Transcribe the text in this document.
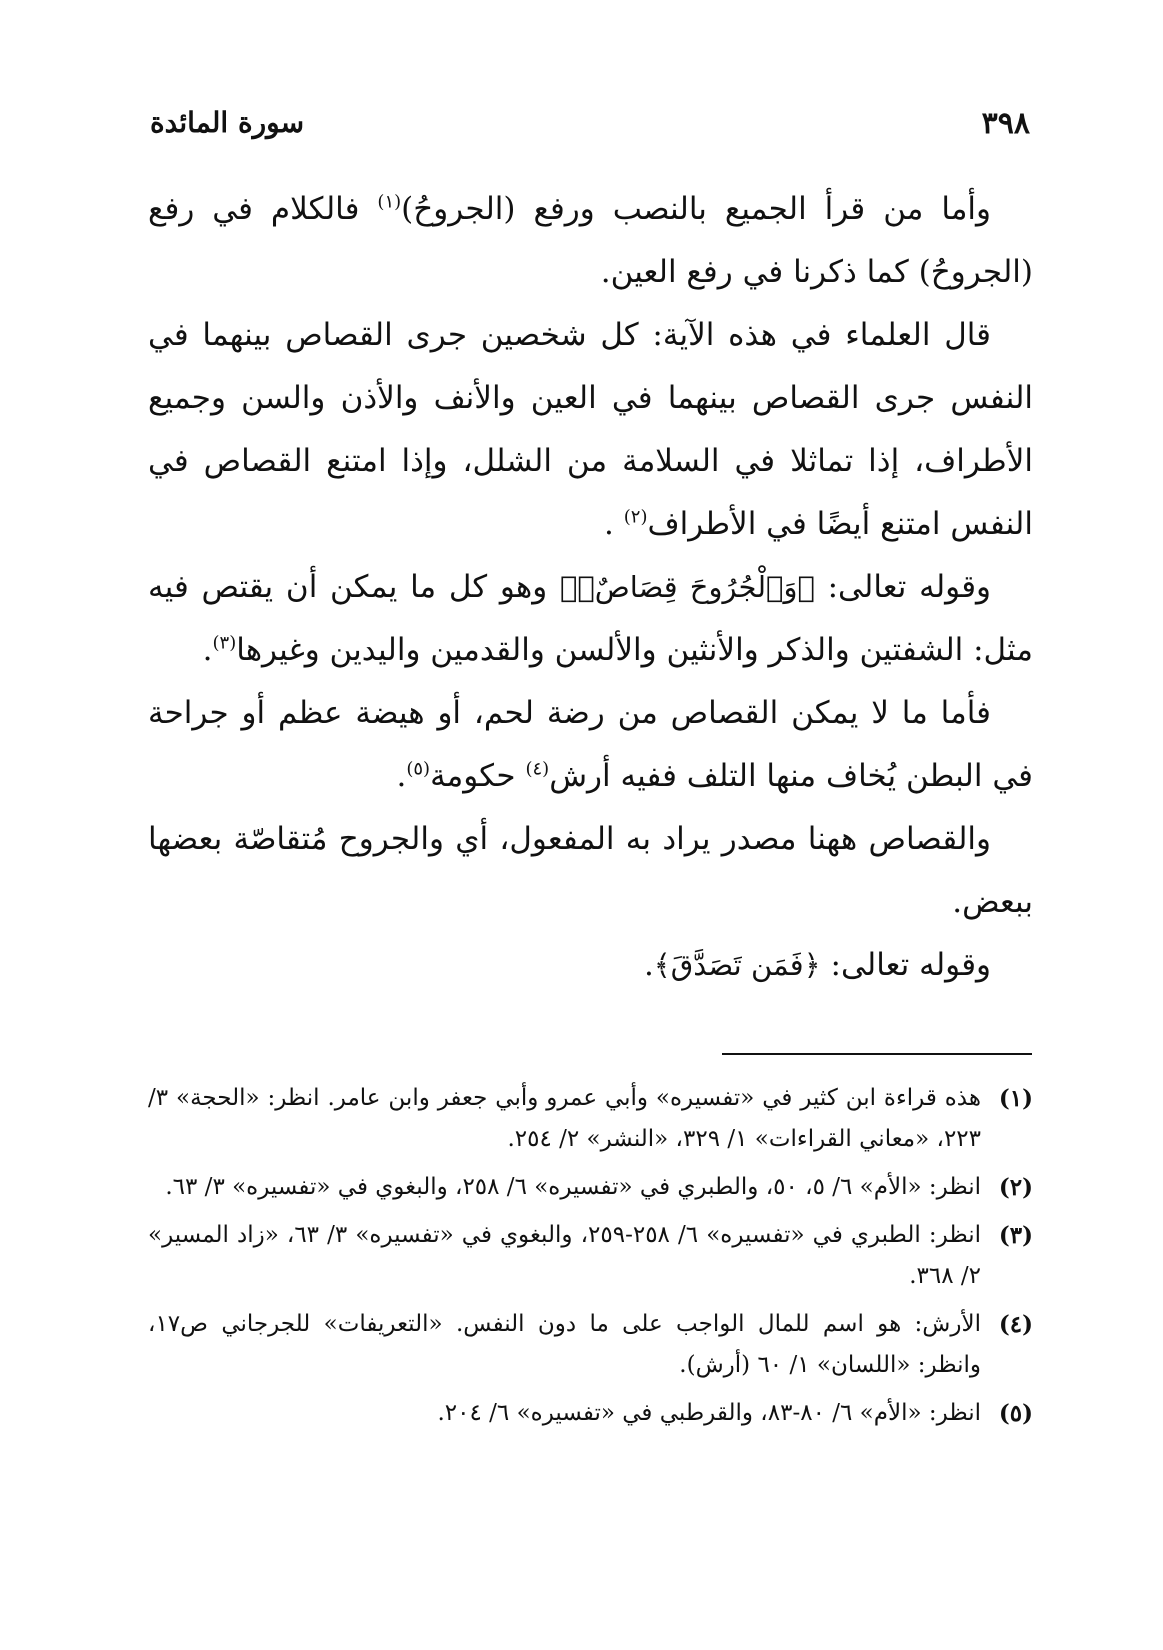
٣٩٨
سورة المائدة

وأما من قرأ الجميع بالنصب ورفع (الجروحُ)$^{(١)}$ فالكلام في رفع (الجروحُ) كما ذكرنا في رفع العين.

قال العلماء في هذه الآية: كل شخصين جرى القصاص بينهما في النفس جرى القصاص بينهما في العين والأنف والأذن والسن وجميع الأطراف، إذا تماثلا في السلامة من الشلل، وإذا امتنع القصاص في النفس امتنع أيضًا في الأطراف$^{(٢)}$ .

وقوله تعالى: ﴿وَٱلْجُرُوحَ قِصَاصٌۚ﴾ وهو كل ما يمكن أن يقتص فيه مثل: الشفتين والذكر والأنثين والألسن والقدمين واليدين وغيرها$^{(٣)}$.

فأما ما لا يمكن القصاص من رضة لحم، أو هيضة عظم أو جراحة في البطن يُخاف منها التلف ففيه أرش$^{(٤)}$ حكومة$^{(٥)}$.

والقصاص ههنا مصدر يراد به المفعول، أي والجروح مُتقاصّة بعضها ببعض.

وقوله تعالى: ﴿فَمَن تَصَدَّقَ﴾.

(١)
هذه قراءة ابن كثير في «تفسيره» وأبي عمرو وأبي جعفر وابن عامر. انظر: «الحجة» ٣/ ٢٢٣، «معاني القراءات» ١/ ٣٢٩، «النشر» ٢/ ٢٥٤.
(٢)
انظر: «الأم» ٦/ ٥، ٥٠، والطبري في «تفسيره» ٦/ ٢٥٨، والبغوي في «تفسيره» ٣/ ٦٣.
(٣)
انظر: الطبري في «تفسيره» ٦/ ٢٥٨-٢٥٩، والبغوي في «تفسيره» ٣/ ٦٣، «زاد المسير» ٢/ ٣٦٨.
(٤)
الأرش: هو اسم للمال الواجب على ما دون النفس. «التعريفات» للجرجاني ص١٧، وانظر: «اللسان» ١/ ٦٠ (أرش).
(٥)
انظر: «الأم» ٦/ ٨٠-٨٣، والقرطبي في «تفسيره» ٦/ ٢٠٤.
